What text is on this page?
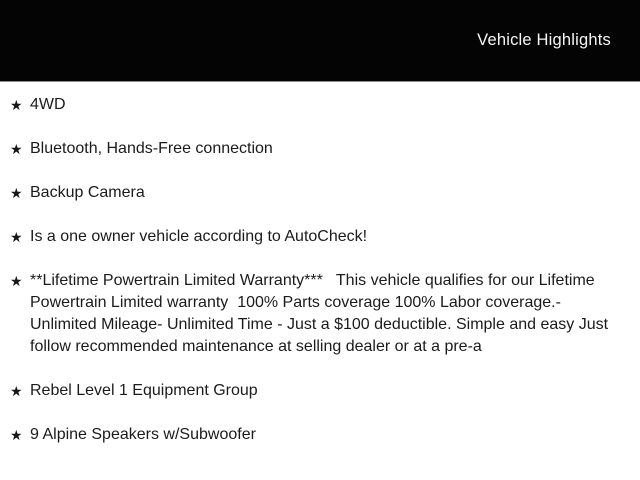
Vehicle Highlights
★ 4WD
★ Bluetooth, Hands-Free connection
★ Backup Camera
★ Is a one owner vehicle according to AutoCheck!
★ **Lifetime Powertrain Limited Warranty***   This vehicle qualifies for our Lifetime Powertrain Limited warranty  100% Parts coverage 100% Labor coverage.- Unlimited Mileage- Unlimited Time - Just a $100 deductible. Simple and easy Just follow recommended maintenance at selling dealer or at a pre-a
★ Rebel Level 1 Equipment Group
★ 9 Alpine Speakers w/Subwoofer
